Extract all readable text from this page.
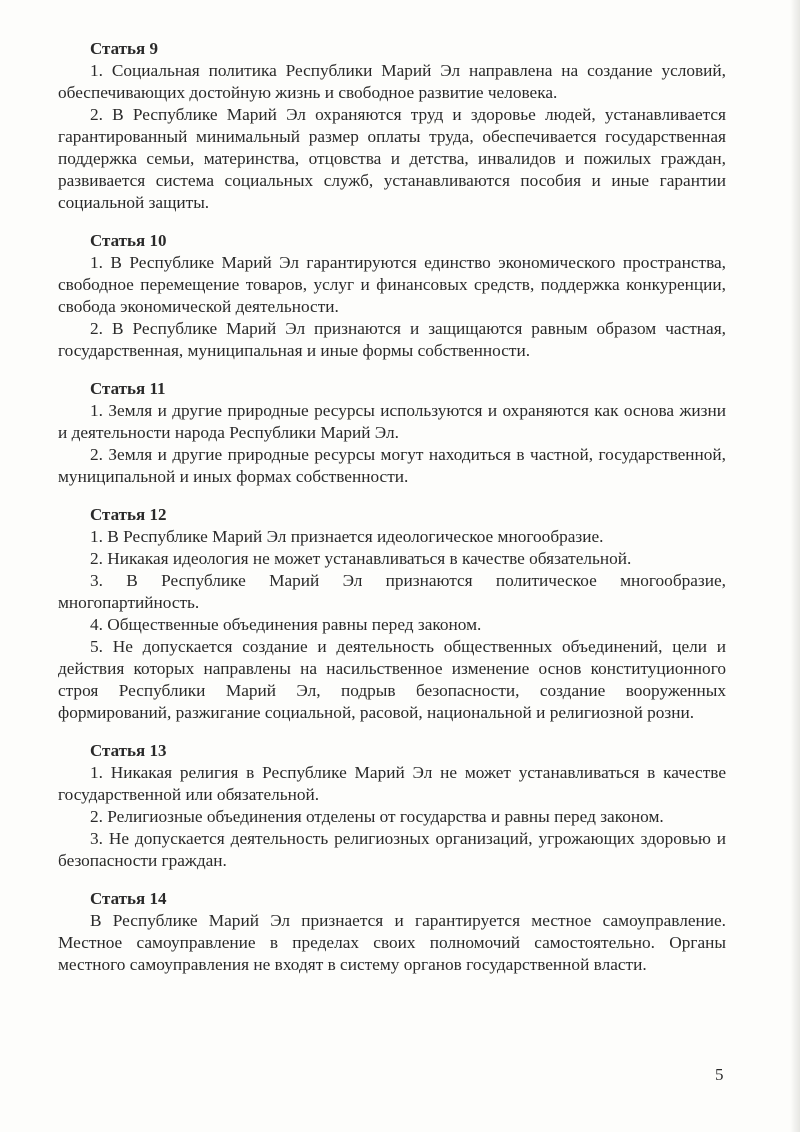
Статья 9

1. Социальная политика Республики Марий Эл направлена на создание условий, обеспечивающих достойную жизнь и свободное развитие человека.

2. В Республике Марий Эл охраняются труд и здоровье людей, устанавливается гарантированный минимальный размер оплаты труда, обеспечивается государственная поддержка семьи, материнства, отцовства и детства, инвалидов и пожилых граждан, развивается система социальных служб, устанавливаются пособия и иные гарантии социальной защиты.

Статья 10

1. В Республике Марий Эл гарантируются единство экономического пространства, свободное перемещение товаров, услуг и финансовых средств, поддержка конкуренции, свобода экономической деятельности.

2. В Республике Марий Эл признаются и защищаются равным образом частная, государственная, муниципальная и иные формы собственности.

Статья 11

1. Земля и другие природные ресурсы используются и охраняются как основа жизни и деятельности народа Республики Марий Эл.

2. Земля и другие природные ресурсы могут находиться в частной, государственной, муниципальной и иных формах собственности.

Статья 12

1. В Республике Марий Эл признается идеологическое многообразие.

2. Никакая идеология не может устанавливаться в качестве обязательной.

3. В Республике Марий Эл признаются политическое многообразие, многопартийность.

4. Общественные объединения равны перед законом.

5. Не допускается создание и деятельность общественных объединений, цели и действия которых направлены на насильственное изменение основ конституционного строя Республики Марий Эл, подрыв безопасности, создание вооруженных формирований, разжигание социальной, расовой, национальной и религиозной розни.

Статья 13

1. Никакая религия в Республике Марий Эл не может устанавливаться в качестве государственной или обязательной.

2. Религиозные объединения отделены от государства и равны перед законом.

3. Не допускается деятельность религиозных организаций, угрожающих здоровью и безопасности граждан.

Статья 14

В Республике Марий Эл признается и гарантируется местное самоуправление. Местное самоуправление в пределах своих полномочий самостоятельно. Органы местного самоуправления не входят в систему органов государственной власти.

5
